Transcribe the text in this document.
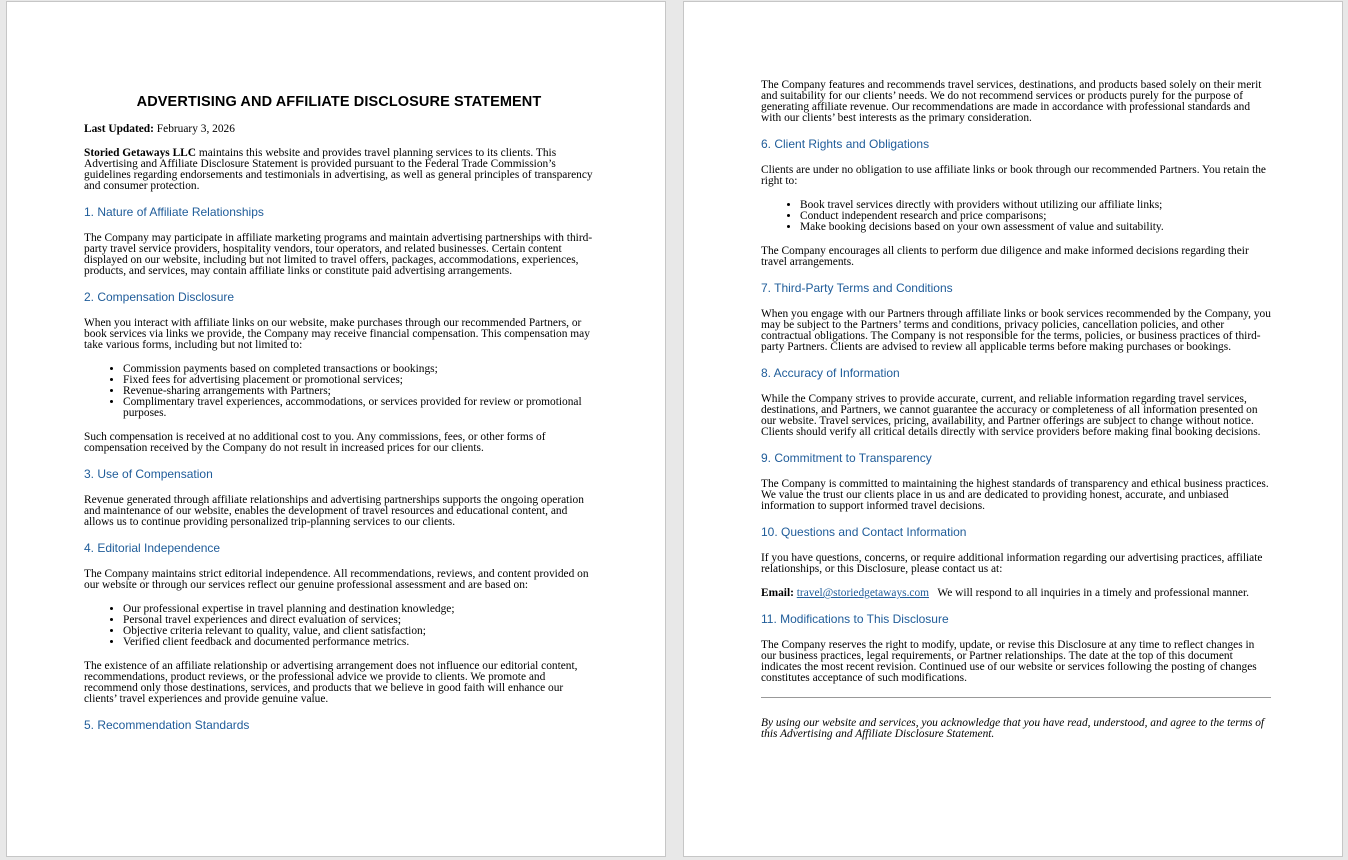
ADVERTISING AND AFFILIATE DISCLOSURE STATEMENT

Last Updated: February 3, 2026

Storied Getaways LLC maintains this website and provides travel planning services to its clients. This Advertising and Affiliate Disclosure Statement is provided pursuant to the Federal Trade Commission’s guidelines regarding endorsements and testimonials in advertising, as well as general principles of transparency and consumer protection.

1. Nature of Affiliate Relationships

The Company may participate in affiliate marketing programs and maintain advertising partnerships with third-party travel service providers, hospitality vendors, tour operators, and related businesses. Certain content displayed on our website, including but not limited to travel offers, packages, accommodations, experiences, products, and services, may contain affiliate links or constitute paid advertising arrangements.

2. Compensation Disclosure

When you interact with affiliate links on our website, make purchases through our recommended Partners, or book services via links we provide, the Company may receive financial compensation. This compensation may take various forms, including but not limited to:

• Commission payments based on completed transactions or bookings;
• Fixed fees for advertising placement or promotional services;
• Revenue-sharing arrangements with Partners;
• Complimentary travel experiences, accommodations, or services provided for review or promotional purposes.

Such compensation is received at no additional cost to you. Any commissions, fees, or other forms of compensation received by the Company do not result in increased prices for our clients.

3. Use of Compensation

Revenue generated through affiliate relationships and advertising partnerships supports the ongoing operation and maintenance of our website, enables the development of travel resources and educational content, and allows us to continue providing personalized trip-planning services to our clients.

4. Editorial Independence

The Company maintains strict editorial independence. All recommendations, reviews, and content provided on our website or through our services reflect our genuine professional assessment and are based on:

• Our professional expertise in travel planning and destination knowledge;
• Personal travel experiences and direct evaluation of services;
• Objective criteria relevant to quality, value, and client satisfaction;
• Verified client feedback and documented performance metrics.

The existence of an affiliate relationship or advertising arrangement does not influence our editorial content, recommendations, product reviews, or the professional advice we provide to clients. We promote and recommend only those destinations, services, and products that we believe in good faith will enhance our clients’ travel experiences and provide genuine value.

5. Recommendation Standards

The Company features and recommends travel services, destinations, and products based solely on their merit and suitability for our clients’ needs. We do not recommend services or products purely for the purpose of generating affiliate revenue. Our recommendations are made in accordance with professional standards and with our clients’ best interests as the primary consideration.

6. Client Rights and Obligations

Clients are under no obligation to use affiliate links or book through our recommended Partners. You retain the right to:

• Book travel services directly with providers without utilizing our affiliate links;
• Conduct independent research and price comparisons;
• Make booking decisions based on your own assessment of value and suitability.

The Company encourages all clients to perform due diligence and make informed decisions regarding their travel arrangements.

7. Third-Party Terms and Conditions

When you engage with our Partners through affiliate links or book services recommended by the Company, you may be subject to the Partners’ terms and conditions, privacy policies, cancellation policies, and other contractual obligations. The Company is not responsible for the terms, policies, or business practices of third-party Partners. Clients are advised to review all applicable terms before making purchases or bookings.

8. Accuracy of Information

While the Company strives to provide accurate, current, and reliable information regarding travel services, destinations, and Partners, we cannot guarantee the accuracy or completeness of all information presented on our website. Travel services, pricing, availability, and Partner offerings are subject to change without notice. Clients should verify all critical details directly with service providers before making final booking decisions.

9. Commitment to Transparency

The Company is committed to maintaining the highest standards of transparency and ethical business practices. We value the trust our clients place in us and are dedicated to providing honest, accurate, and unbiased information to support informed travel decisions.

10. Questions and Contact Information

If you have questions, concerns, or require additional information regarding our advertising practices, affiliate relationships, or this Disclosure, please contact us at:

Email: travel@storiedgetaways.com We will respond to all inquiries in a timely and professional manner.

11. Modifications to This Disclosure

The Company reserves the right to modify, update, or revise this Disclosure at any time to reflect changes in our business practices, legal requirements, or Partner relationships. The date at the top of this document indicates the most recent revision. Continued use of our website or services following the posting of changes constitutes acceptance of such modifications.

By using our website and services, you acknowledge that you have read, understood, and agree to the terms of this Advertising and Affiliate Disclosure Statement.
